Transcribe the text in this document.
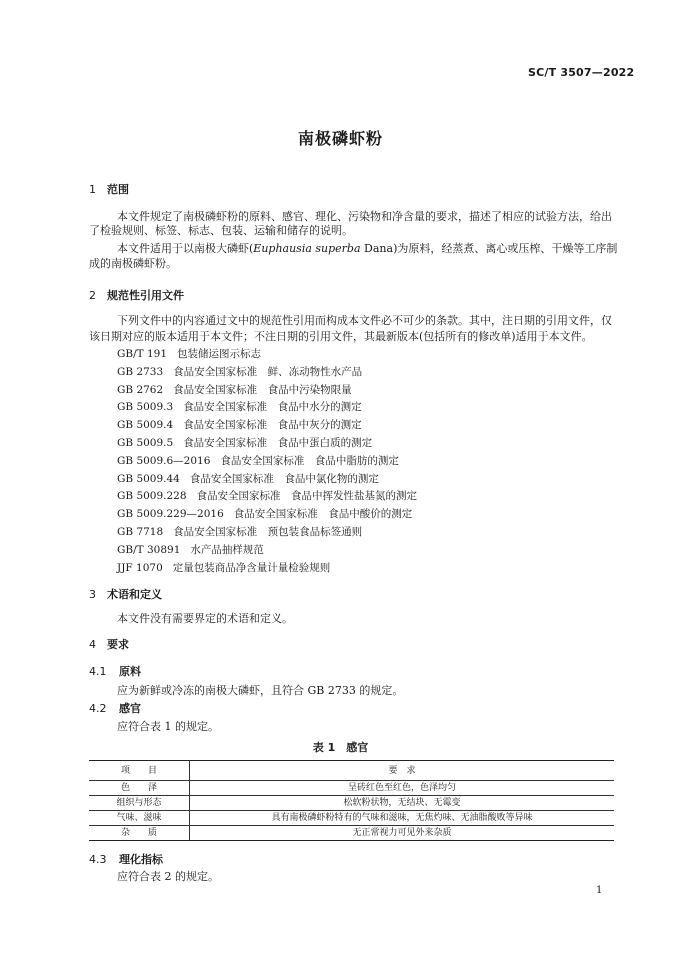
SC/T 3507—2022
南极磷虾粉
1 范围
本文件规定了南极磷虾粉的原料、感官、理化、污染物和净含量的要求，描述了相应的试验方法，给出
了检验规则、标签、标志、包装、运输和储存的说明。
本文件适用于以南极大磷虾(Euphausia superba Dana)为原料，经蒸煮、离心或压榨、干燥等工序制
成的南极磷虾粉。
2 规范性引用文件
下列文件中的内容通过文中的规范性引用而构成本文件必不可少的条款。其中，注日期的引用文件，仅
该日期对应的版本适用于本文件；不注日期的引用文件，其最新版本(包括所有的修改单)适用于本文件。
GB/T 191 包装储运图示标志
GB 2733 食品安全国家标准　鲜、冻动物性水产品
GB 2762 食品安全国家标准　食品中污染物限量
GB 5009.3 食品安全国家标准　食品中水分的测定
GB 5009.4 食品安全国家标准　食品中灰分的测定
GB 5009.5 食品安全国家标准　食品中蛋白质的测定
GB 5009.6—2016 食品安全国家标准　食品中脂肪的测定
GB 5009.44 食品安全国家标准　食品中氯化物的测定
GB 5009.228 食品安全国家标准　食品中挥发性盐基氮的测定
GB 5009.229—2016 食品安全国家标准　食品中酸价的测定
GB 7718 食品安全国家标准　预包装食品标签通则
GB/T 30891 水产品抽样规范
JJF 1070 定量包装商品净含量计量检验规则
3 术语和定义
本文件没有需要界定的术语和定义。
4 要求
4.1 原料
应为新鲜或冷冻的南极大磷虾，且符合 GB 2733 的规定。
4.2 感官
应符合表 1 的规定。
表 1　感官
项　　目	要　求
色　　泽	呈砖红色至红色，色泽均匀
组织与形态	松软粉状物，无结块、无霉变
气味、滋味	具有南极磷虾粉特有的气味和滋味，无焦灼味、无油脂酸败等异味
杂　　质	无正常视力可见外来杂质
4.3 理化指标
应符合表 2 的规定。
1
